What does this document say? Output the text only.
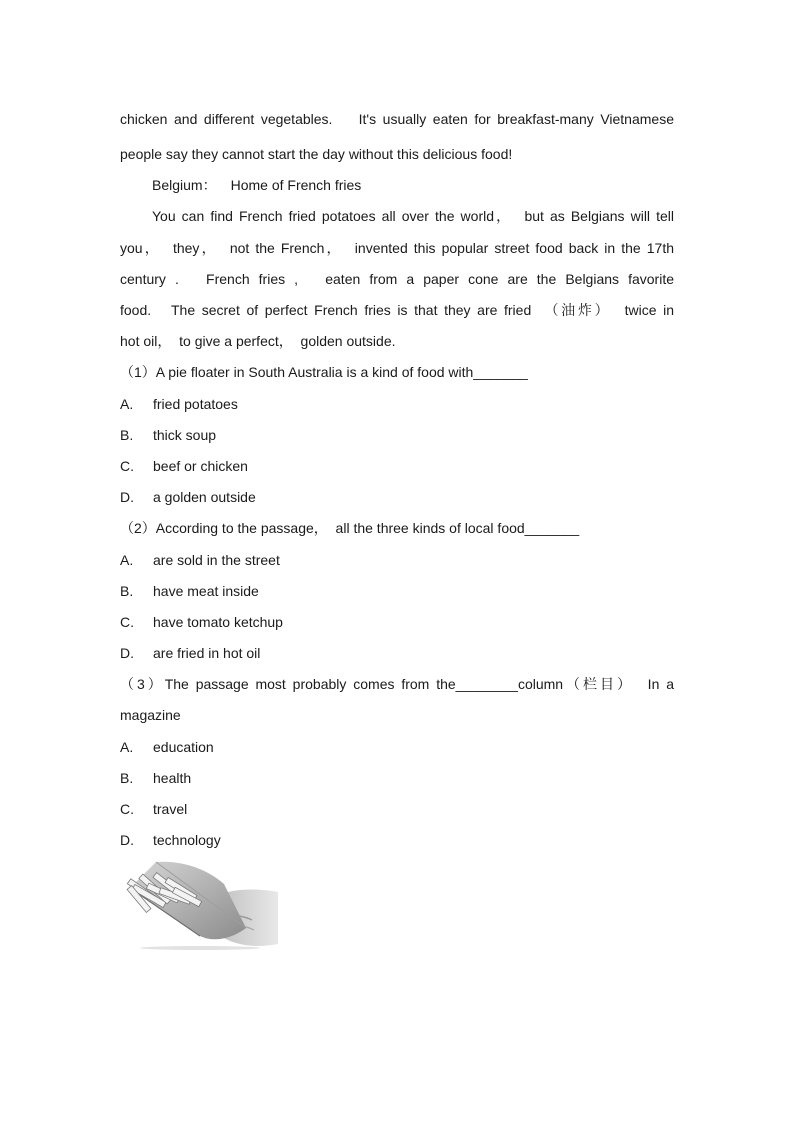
chicken and different vegetables.    It's usually eaten for breakfast-many Vietnamese
people say they cannot start the day without this delicious food!
Belgium： Home of French fries
You can find French fried potatoes all over the world，  but as Belgians will tell
you，  they，  not the French，  invented this popular street food back in the 17th
century .   French fries ,   eaten from a paper cone are the Belgians favorite
food.   The secret of perfect French fries is that they are fried  （油炸）  twice in
hot oil，  to give a perfect，  golden outside.
（1）A pie floater in South Australia is a kind of food with_______
A. fried potatoes
B. thick soup
C. beef or chicken
D. a golden outside
（2）According to the passage，  all the three kinds of local food_______
A. are sold in the street
B. have meat inside
C. have tomato ketchup
D. are fried in hot oil
（3）The passage most probably comes from the________column（栏目）  In a
magazine
A. education
B. health
C. travel
D. technology
